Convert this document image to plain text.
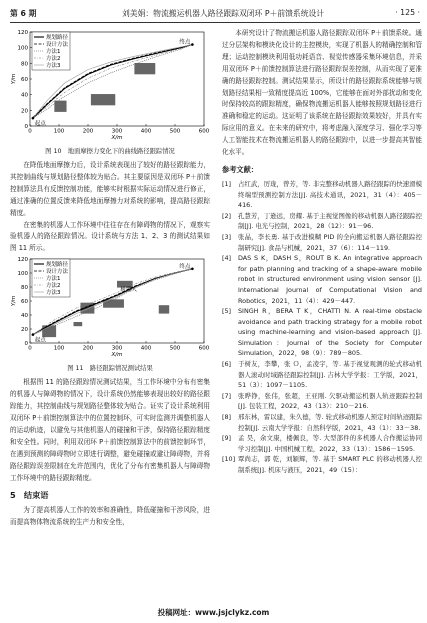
第 6 期	刘美娟：物流搬运机器人路径跟踪双闭环 P＋前馈系统设计	· 125 ·
0	100	200	300	400	500	600
0
20
40
60
80
100
120
X/m
Y/m
起点
终点
规划路径
设计方法
方法1
方法2
方法3
图 10　地面摩擦力变化下的曲线路径跟踪情况

在降低地面摩擦力后，设计系统表现出了较好的路径跟踪能力，其控制曲线与规划路径整体较为贴合。其主要原因是双闭环 P＋前馈控制算法具有反馈控制功能，能够实时根据实际运动情况进行修正，通过准确的位置反馈来降低地面摩擦力对系统的影响，提高路径跟踪精度。

在密集的机器人工作环境中往往存在有障碍物的情况下，观察实验机器人的路径跟踪情况。设计系统与方法 1、2、3 的测试结果如图 11 所示。

0	100	200	300	400	500	600
0
20
40
60
80
100
120
X/m
Y/m
起点
终点
机器人
规划路径
设计方法
方法1
方法2
方法3
图 11　路径跟踪情况测试结果

根据图 11 的路径跟踪情况测试结果，当工作环境中分布有密集的机器人与障碍物的情况下，设计系统仍然能够表现出较好的路径跟踪能力，其控制曲线与规划路径整体较为贴合。证实了设计系统利用双闭环 P＋前馈控制算法中的位置控制环，可实时监测并调整机器人的运动轨迹，以避免与其他机器人的碰撞和干涉，保持路径跟踪精度和安全性。同时，利用双闭环 P＋前馈控制算法中的前馈控制环节，在遇到预测的障碍物时立即进行调整，避免碰撞或避让障碍物，并将路径跟踪误差限制在允许范围内，优化了分布有密集机器人与障碍物工作环境中的路径跟踪精度。

5　结束语

为了提高机器人工作的效率和准确性，降低碰撞和干涉风险，进而提高物体物流系统的生产力和安全性，

本研究设计了物流搬运机器人路径跟踪双闭环 P＋前馈系统。通过分层架构和模块化设计的主控模块，实现了机器人的精确控制和管理；运动控制模块利用低功耗语音、视觉传感器采集环境信息，并采用双闭环 P＋前馈控制算法进行路径跟踪误差控制，从而实现了更准确的路径跟踪控制。测试结果显示，所设计的路径跟踪系统能够与规划路径结果相一致精度提高近 100%，它能够在面对外部扰动和变化时保持较高的跟踪精度，确保物流搬运机器人能够按照规划路径进行准确和稳定的运动。这证明了该系统在路径跟踪效果较好，并具有实际应用的意义。在未来的研究中，将考虑融入深度学习、强化学习等人工智能技术在物流搬运机器人的路径跟踪中，以进一步提高其智能化水平。

参考文献：
[1]	占红武，厉珑，曾芳，等. 非完整移动机器人路径跟踪的快速滑模终端型预测控制方法[J]. 高技术通讯，2021，31（4）：405－416.
[2]	孔慧芳，丁逊远，房耀. 基于主视觉图像的移动机器人路径跟踪控制[J]. 电光与控制，2021，28（12）：91－96.
[3]	张晶，李长勇. 基于改进模糊 PID 的全向搬运机器人路径跟踪控制研究[J]. 食品与机械，2021，37（6）：114－119.
[4]	DAS S K，DASH S，ROUT B K. An integrative approach for path planning and tracking of a shape-aware mobile robot in structured environment using vision sensor [J]. International Journal of Computational Vision and Robotics，2021，11（4）：429－447.
[5]	SINGH R，BERA T K，CHATTI N. A real-time obstacle avoidance and path tracking strategy for a mobile robot using machine-learning and vision-based approach [J]. Simulation：Journal of the Society for Computer Simulation，2022，98（9）：789－805.
[6]	于树友，李攀，张 Ｏ，孟凌宇，等. 基于视觉观测的轮式移动机器人滚动时域路径跟踪控制[J]. 吉林大学学报：工学版，2021，51（3）：1097－1105.
[7]	张晔铮，张伟，张超，王亚刚. 欠驱动搬运机器人轨迹跟踪控制[J]. 包装工程，2022，43（13）：210－216.
[8]	邢东林，雷以建，朱久德，等. 轮式移动机器人预定时间轨迹跟踪控制[J]. 云南大学学报：自然科学版，2021，43（1）：33－38.
[9]	孟 昊，余文康，楼佩良，等. 大型部件的多机器人合作搬运协同学习控制[J]. 中国机械工程，2022，33（13）：1586－1595.
[10] 覃尚志，郭 乾，刘颖辉，等. 基于 SMART PLC 的移动机器人控制系统[J]. 机床与液压，2021，49（15）：
投稿网址：www.jsjclykz.com
